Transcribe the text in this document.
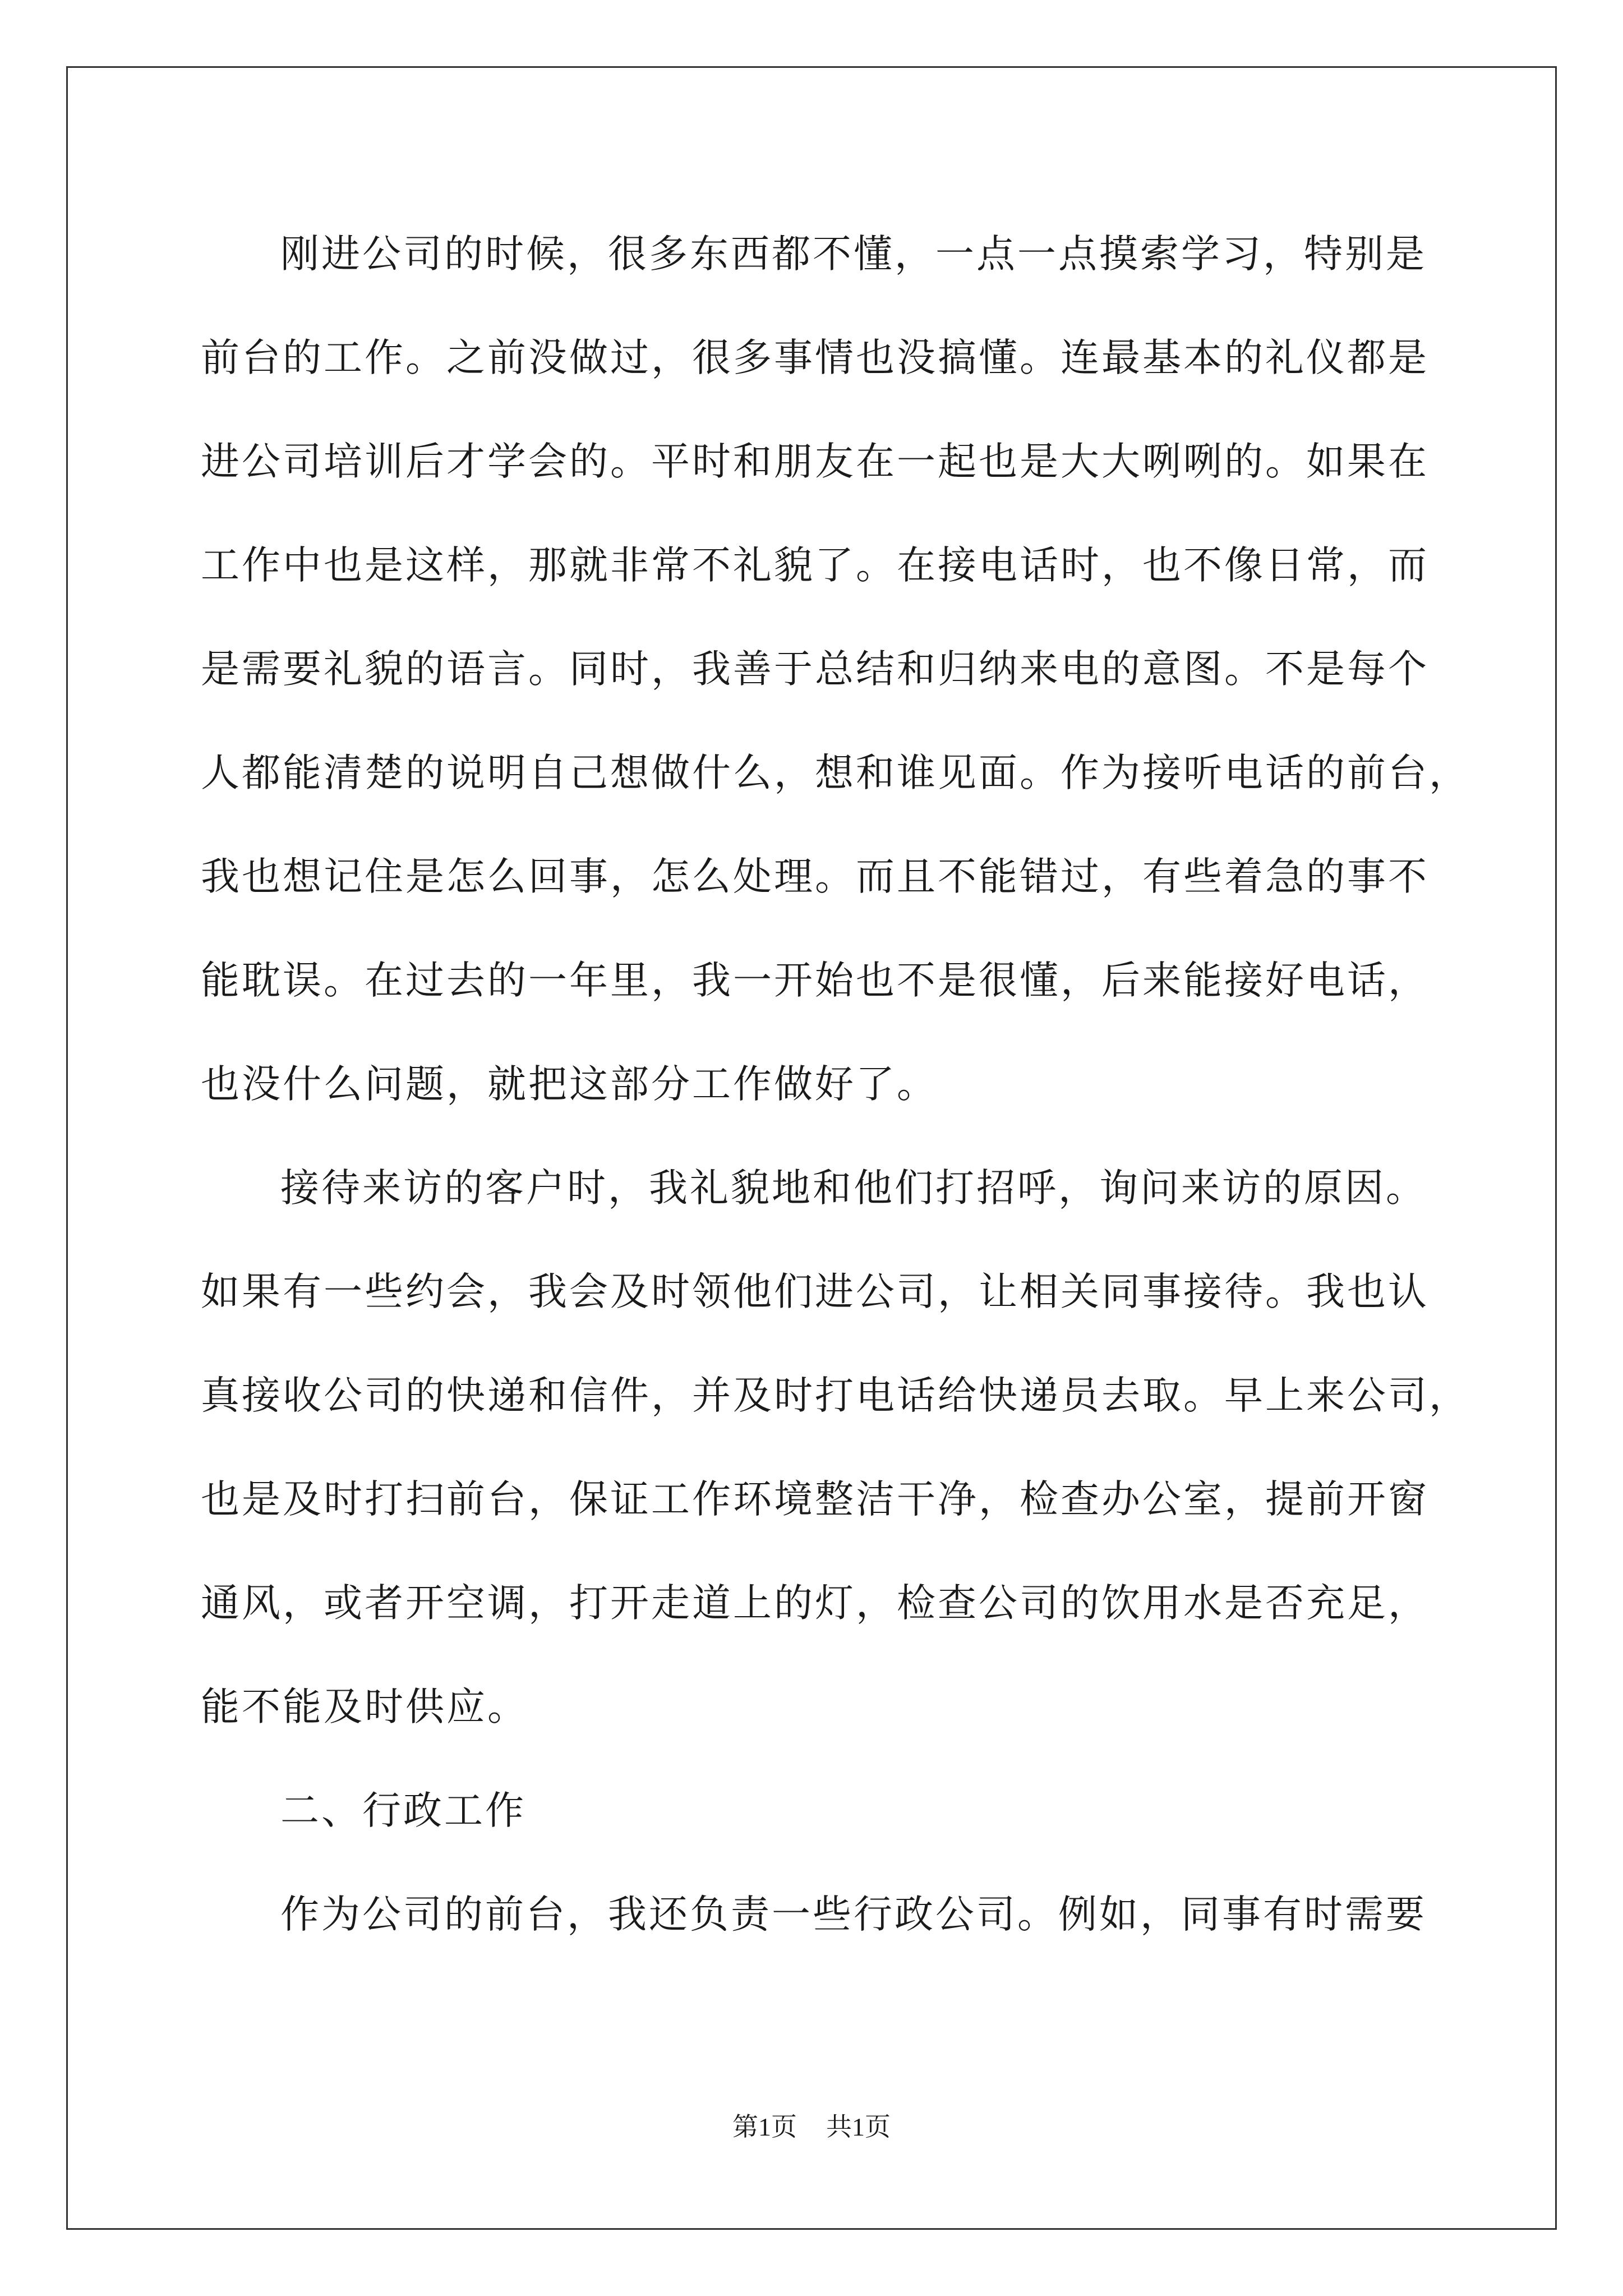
刚进公司的时候，很多东西都不懂，一点一点摸索学习，特别是
前台的工作。之前没做过，很多事情也没搞懂。连最基本的礼仪都是
进公司培训后才学会的。平时和朋友在一起也是大大咧咧的。如果在
工作中也是这样，那就非常不礼貌了。在接电话时，也不像日常，而
是需要礼貌的语言。同时，我善于总结和归纳来电的意图。不是每个
人都能清楚的说明自己想做什么，想和谁见面。作为接听电话的前台，
我也想记住是怎么回事，怎么处理。而且不能错过，有些着急的事不
能耽误。在过去的一年里，我一开始也不是很懂，后来能接好电话，
也没什么问题，就把这部分工作做好了。
接待来访的客户时，我礼貌地和他们打招呼，询问来访的原因。
如果有一些约会，我会及时领他们进公司，让相关同事接待。我也认
真接收公司的快递和信件，并及时打电话给快递员去取。早上来公司，
也是及时打扫前台，保证工作环境整洁干净，检查办公室，提前开窗
通风，或者开空调，打开走道上的灯，检查公司的饮用水是否充足，
能不能及时供应。
二、行政工作
作为公司的前台，我还负责一些行政公司。例如，同事有时需要
第1页 共1页
